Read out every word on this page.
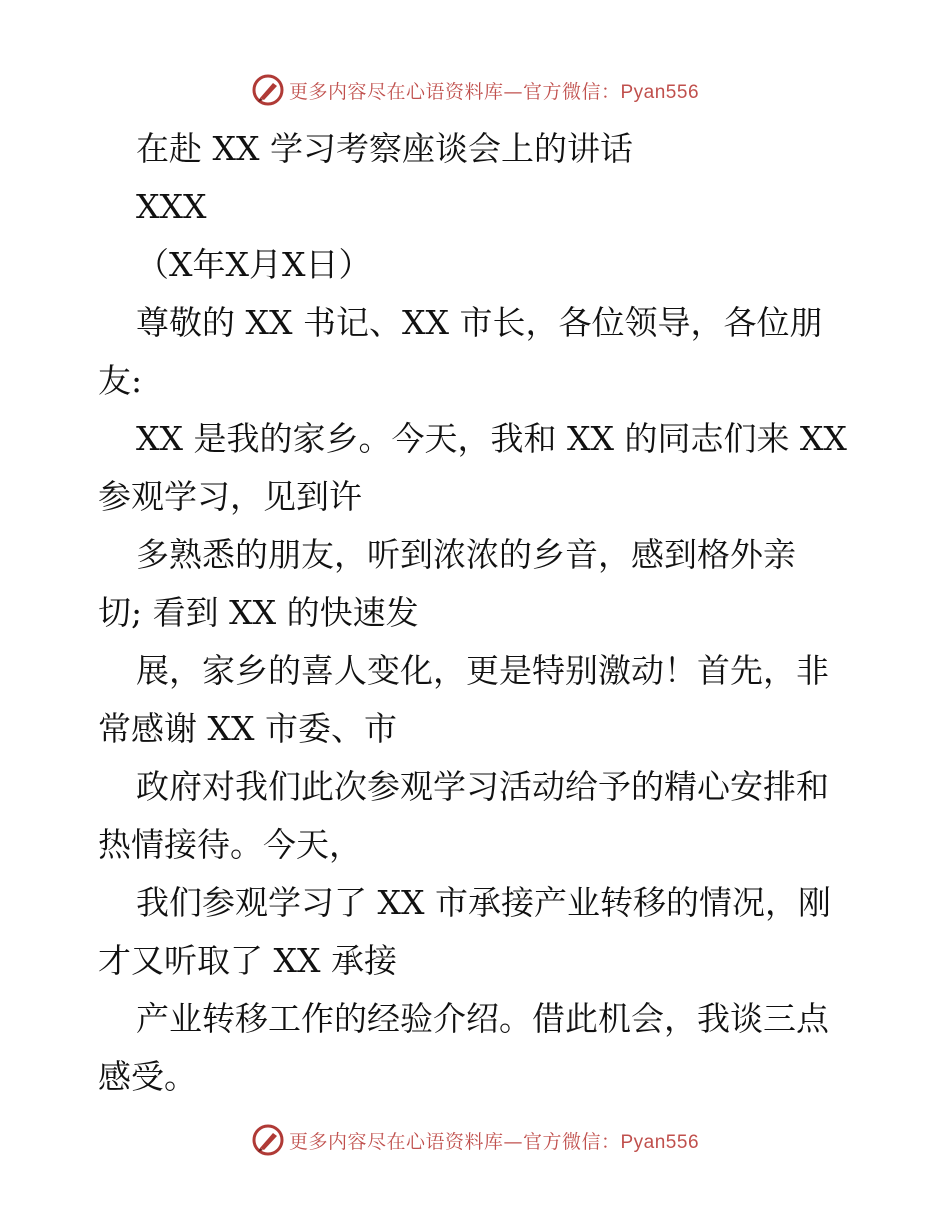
更多内容尽在心语资料库—官方微信：Pyan556
在赴 XX 学习考察座谈会上的讲话
XXX
（X年X月X日）
尊敬的 XX 书记、XX 市长，各位领导，各位朋
友:
XX 是我的家乡。今天，我和 XX 的同志们来 XX
参观学习，见到许
多熟悉的朋友，听到浓浓的乡音，感到格外亲
切; 看到 XX 的快速发
展，家乡的喜人变化，更是特别激动！首先，非
常感谢 XX 市委、市
政府对我们此次参观学习活动给予的精心安排和
热情接待。今天，
我们参观学习了 XX 市承接产业转移的情况，刚
才又听取了 XX 承接
产业转移工作的经验介绍。借此机会，我谈三点
感受。
更多内容尽在心语资料库—官方微信：Pyan556
